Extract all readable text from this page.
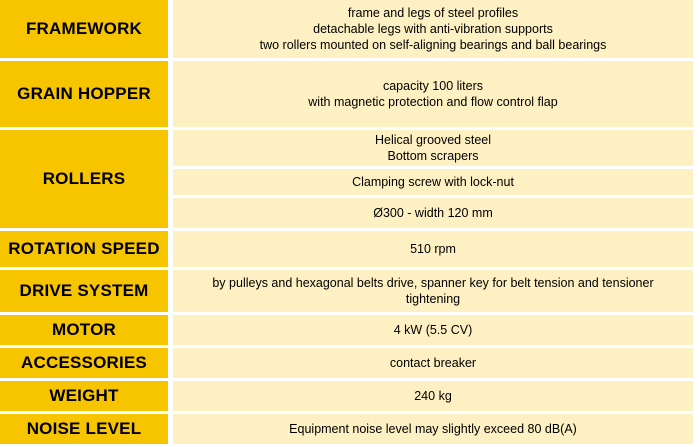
FRAMEWORK	frame and legs of steel profiles
detachable legs with anti-vibration supports
two rollers mounted on self-aligning bearings and ball bearings

GRAIN HOPPER	capacity 100 liters
with magnetic protection and flow control flap

ROLLERS	Helical grooved steel
Bottom scrapers
Clamping screw with lock-nut
Ø300 - width 120 mm

ROTATION SPEED	510 rpm

DRIVE SYSTEM	by pulleys and hexagonal belts drive, spanner key for belt tension and tensioner
tightening

MOTOR	4 kW (5.5 CV)

ACCESSORIES	contact breaker

WEIGHT	240 kg

NOISE LEVEL	Equipment noise level may slightly exceed 80 dB(A)
